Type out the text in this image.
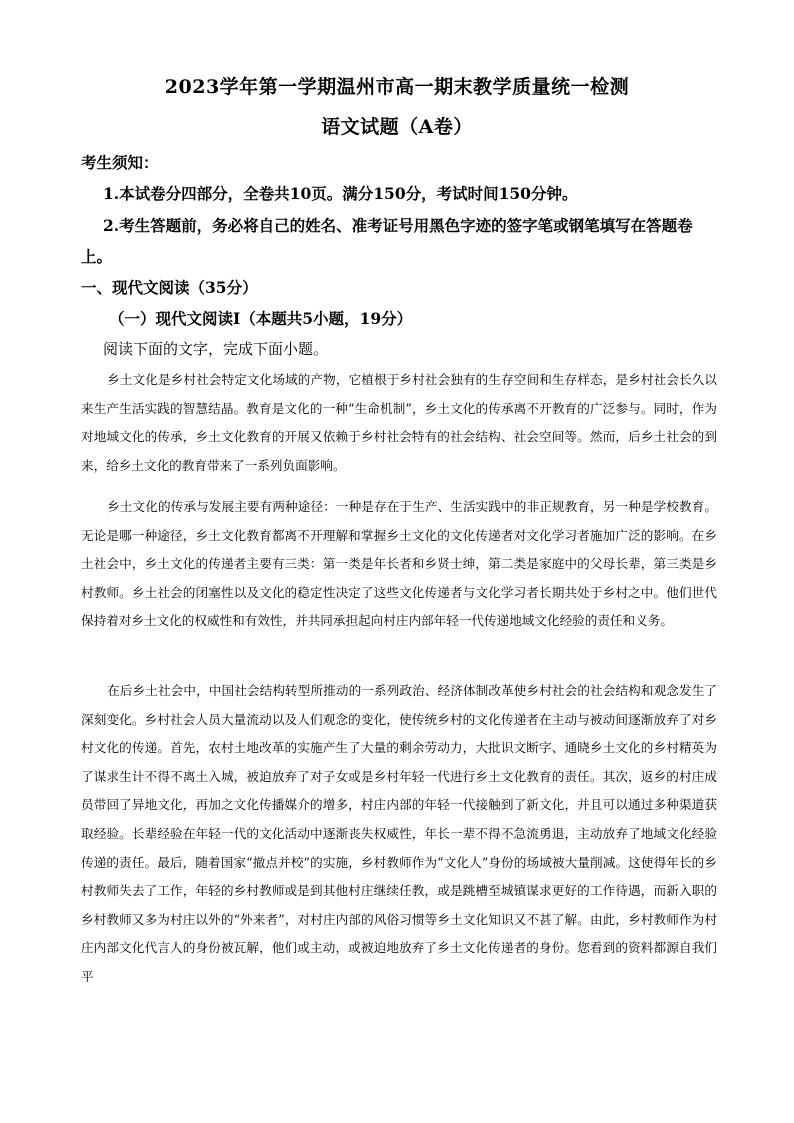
2023学年第一学期温州市高一期末教学质量统一检测
语文试题（A卷）
考生须知：
1.本试卷分四部分，全卷共10页。满分150分，考试时间150分钟。
2.考生答题前，务必将自己的姓名、准考证号用黑色字迹的签字笔或钢笔填写在答题卷
上。
一、现代文阅读（35分）
（一）现代文阅读Ⅰ（本题共5小题，19分）
阅读下面的文字，完成下面小题。
乡土文化是乡村社会特定文化场域的产物，它植根于乡村社会独有的生存空间和生存样态，是乡村社会长久以来生产生活实践的智慧结晶。教育是文化的一种“生命机制”，乡土文化的传承离不开教育的广泛参与。同时，作为对地域文化的传承，乡土文化教育的开展又依赖于乡村社会特有的社会结构、社会空间等。然而，后乡土社会的到来，给乡土文化的教育带来了一系列负面影响。
乡土文化的传承与发展主要有两种途径：一种是存在于生产、生活实践中的非正规教育，另一种是学校教育。无论是哪一种途径，乡土文化教育都离不开理解和掌握乡土文化的文化传递者对文化学习者施加广泛的影响。在乡土社会中，乡土文化的传递者主要有三类：第一类是年长者和乡贤士绅，第二类是家庭中的父母长辈，第三类是乡村教师。乡土社会的闭塞性以及文化的稳定性决定了这些文化传递者与文化学习者长期共处于乡村之中。他们世代保持着对乡土文化的权威性和有效性，并共同承担起向村庄内部年轻一代传递地域文化经验的责任和义务。
在后乡土社会中，中国社会结构转型所推动的一系列政治、经济体制改革使乡村社会的社会结构和观念发生了深刻变化。乡村社会人员大量流动以及人们观念的变化，使传统乡村的文化传递者在主动与被动间逐渐放弃了对乡村文化的传递。首先，农村土地改革的实施产生了大量的剩余劳动力，大批识文断字、通晓乡土文化的乡村精英为了谋求生计不得不离土入城，被迫放弃了对子女或是乡村年轻一代进行乡土文化教育的责任。其次，返乡的村庄成员带回了异地文化，再加之文化传播媒介的增多，村庄内部的年轻一代接触到了新文化，并且可以通过多种渠道获取经验。长辈经验在年轻一代的文化活动中逐渐丧失权威性，年长一辈不得不急流勇退，主动放弃了地域文化经验传递的责任。最后，随着国家“撤点并校”的实施，乡村教师作为“文化人”身份的场域被大量削减。这使得年长的乡村教师失去了工作，年轻的乡村教师或是到其他村庄继续任教，或是跳槽至城镇谋求更好的工作待遇，而新入职的乡村教师又多为村庄以外的“外来者”，对村庄内部的风俗习惯等乡土文化知识又不甚了解。由此，乡村教师作为村庄内部文化代言人的身份被瓦解，他们或主动，或被迫地放弃了乡土文化传递者的身份。您看到的资料都源自我们平
